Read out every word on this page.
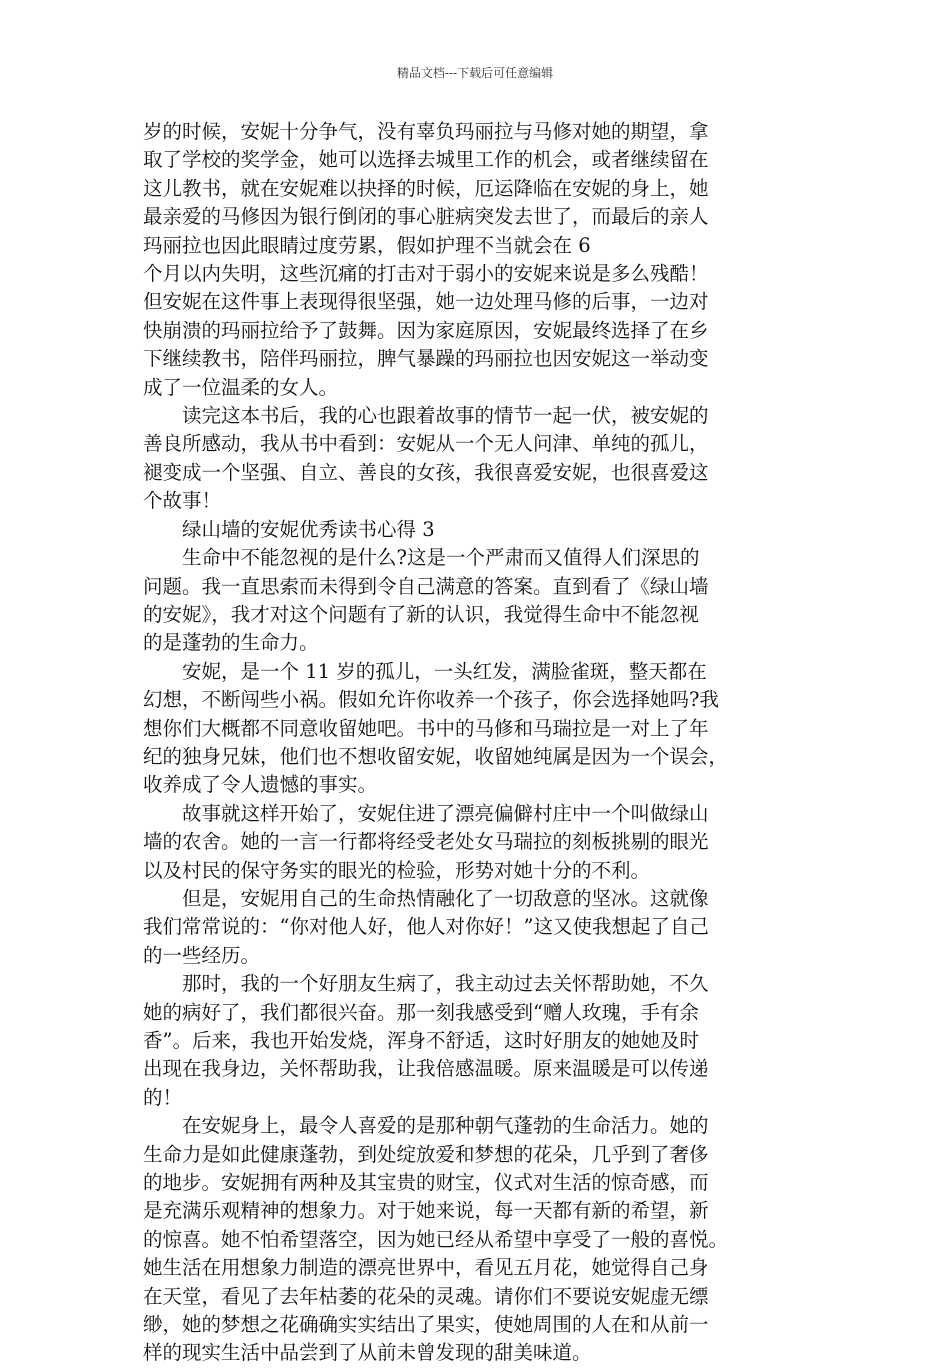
精品文档---下载后可任意编辑
岁的时候，安妮十分争气，没有辜负玛丽拉与马修对她的期望，拿
取了学校的奖学金，她可以选择去城里工作的机会，或者继续留在
这儿教书，就在安妮难以抉择的时候，厄运降临在安妮的身上，她
最亲爱的马修因为银行倒闭的事心脏病突发去世了，而最后的亲人
玛丽拉也因此眼睛过度劳累，假如护理不当就会在 6
个月以内失明，这些沉痛的打击对于弱小的安妮来说是多么残酷！
但安妮在这件事上表现得很坚强，她一边处理马修的后事，一边对
快崩溃的玛丽拉给予了鼓舞。因为家庭原因，安妮最终选择了在乡
下继续教书，陪伴玛丽拉，脾气暴躁的玛丽拉也因安妮这一举动变
成了一位温柔的女人。
　　读完这本书后，我的心也跟着故事的情节一起一伏，被安妮的
善良所感动，我从书中看到：安妮从一个无人问津、单纯的孤儿，
褪变成一个坚强、自立、善良的女孩，我很喜爱安妮，也很喜爱这
个故事！
　　绿山墙的安妮优秀读书心得 3
　　生命中不能忽视的是什么?这是一个严肃而又值得人们深思的
问题。我一直思索而未得到令自己满意的答案。直到看了《绿山墙
的安妮》，我才对这个问题有了新的认识，我觉得生命中不能忽视
的是蓬勃的生命力。
　　安妮，是一个 11 岁的孤儿，一头红发，满脸雀斑，整天都在
幻想，不断闯些小祸。假如允许你收养一个孩子，你会选择她吗?我
想你们大概都不同意收留她吧。书中的马修和马瑞拉是一对上了年
纪的独身兄妹，他们也不想收留安妮，收留她纯属是因为一个误会，
收养成了令人遗憾的事实。
　　故事就这样开始了，安妮住进了漂亮偏僻村庄中一个叫做绿山
墙的农舍。她的一言一行都将经受老处女马瑞拉的刻板挑剔的眼光
以及村民的保守务实的眼光的检验，形势对她十分的不利。
　　但是，安妮用自己的生命热情融化了一切敌意的坚冰。这就像
我们常常说的：“你对他人好，他人对你好！”这又使我想起了自己
的一些经历。
　　那时，我的一个好朋友生病了，我主动过去关怀帮助她，不久
她的病好了，我们都很兴奋。那一刻我感受到“赠人玫瑰，手有余
香”。后来，我也开始发烧，浑身不舒适，这时好朋友的她她及时
出现在我身边，关怀帮助我，让我倍感温暖。原来温暖是可以传递
的！
　　在安妮身上，最令人喜爱的是那种朝气蓬勃的生命活力。她的
生命力是如此健康蓬勃，到处绽放爱和梦想的花朵，几乎到了奢侈
的地步。安妮拥有两种及其宝贵的财宝，仪式对生活的惊奇感，而
是充满乐观精神的想象力。对于她来说，每一天都有新的希望，新
的惊喜。她不怕希望落空，因为她已经从希望中享受了一般的喜悦。
她生活在用想象力制造的漂亮世界中，看见五月花，她觉得自己身
在天堂，看见了去年枯萎的花朵的灵魂。请你们不要说安妮虚无缥
缈，她的梦想之花确确实实结出了果实，使她周围的人在和从前一
样的现实生活中品尝到了从前未曾发现的甜美味道。
